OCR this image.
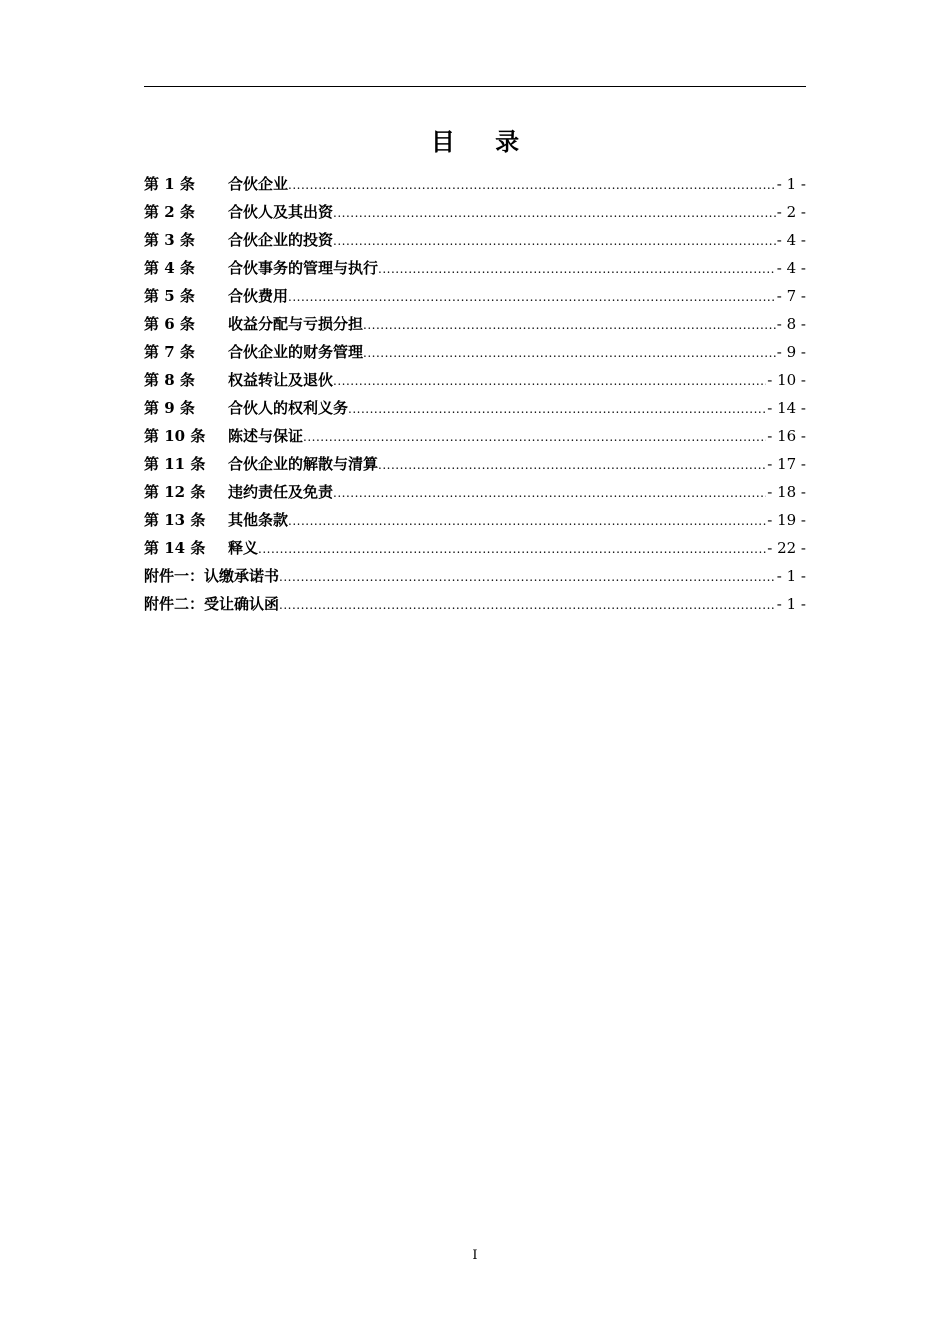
目 录
第 1 条	合伙企业 .....	- 1 -
第 2 条	合伙人及其出资 .....	- 2 -
第 3 条	合伙企业的投资 .....	- 4 -
第 4 条	合伙事务的管理与执行 .....	- 4 -
第 5 条	合伙费用 .....	- 7 -
第 6 条	收益分配与亏损分担 .....	- 8 -
第 7 条	合伙企业的财务管理 .....	- 9 -
第 8 条	权益转让及退伙 .....	- 10 -
第 9 条	合伙人的权利义务 .....	- 14 -
第 10 条	陈述与保证 .....	- 16 -
第 11 条	合伙企业的解散与清算 .....	- 17 -
第 12 条	违约责任及免责 .....	- 18 -
第 13 条	其他条款 .....	- 19 -
第 14 条	释义 .....	- 22 -
附件一： 认缴承诺书 .....	- 1 -
附件二： 受让确认函 .....	- 1 -
I
